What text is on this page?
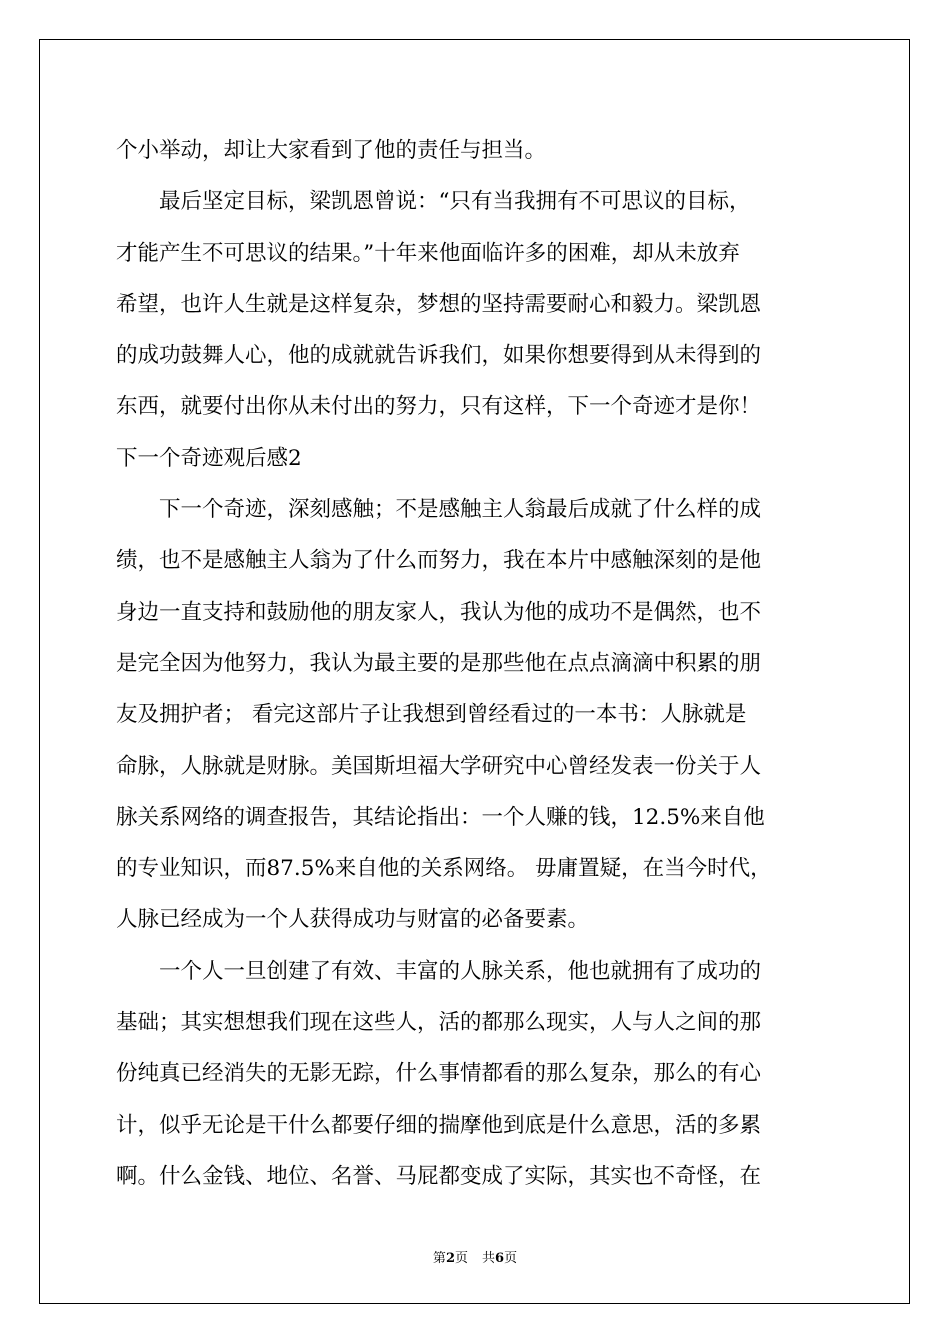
个小举动，却让大家看到了他的责任与担当。
最后坚定目标，梁凯恩曾说：“只有当我拥有不可思议的目标，
才能产生不可思议的结果。”十年来他面临许多的困难，却从未放弃
希望，也许人生就是这样复杂，梦想的坚持需要耐心和毅力。梁凯恩
的成功鼓舞人心，他的成就就告诉我们，如果你想要得到从未得到的
东西，就要付出你从未付出的努力，只有这样，下一个奇迹才是你！
下一个奇迹观后感2
下一个奇迹，深刻感触；不是感触主人翁最后成就了什么样的成
绩，也不是感触主人翁为了什么而努力，我在本片中感触深刻的是他
身边一直支持和鼓励他的朋友家人，我认为他的成功不是偶然，也不
是完全因为他努力，我认为最主要的是那些他在点点滴滴中积累的朋
友及拥护者； 看完这部片子让我想到曾经看过的一本书：人脉就是
命脉，人脉就是财脉。美国斯坦福大学研究中心曾经发表一份关于人
脉关系网络的调查报告，其结论指出：一个人赚的钱，12.5%来自他
的专业知识，而87.5%来自他的关系网络。 毋庸置疑，在当今时代，
人脉已经成为一个人获得成功与财富的必备要素。
一个人一旦创建了有效、丰富的人脉关系，他也就拥有了成功的
基础；其实想想我们现在这些人，活的都那么现实，人与人之间的那
份纯真已经消失的无影无踪，什么事情都看的那么复杂，那么的有心
计，似乎无论是干什么都要仔细的揣摩他到底是什么意思，活的多累
啊。什么金钱、地位、名誉、马屁都变成了实际，其实也不奇怪，在
第2页 共6页
